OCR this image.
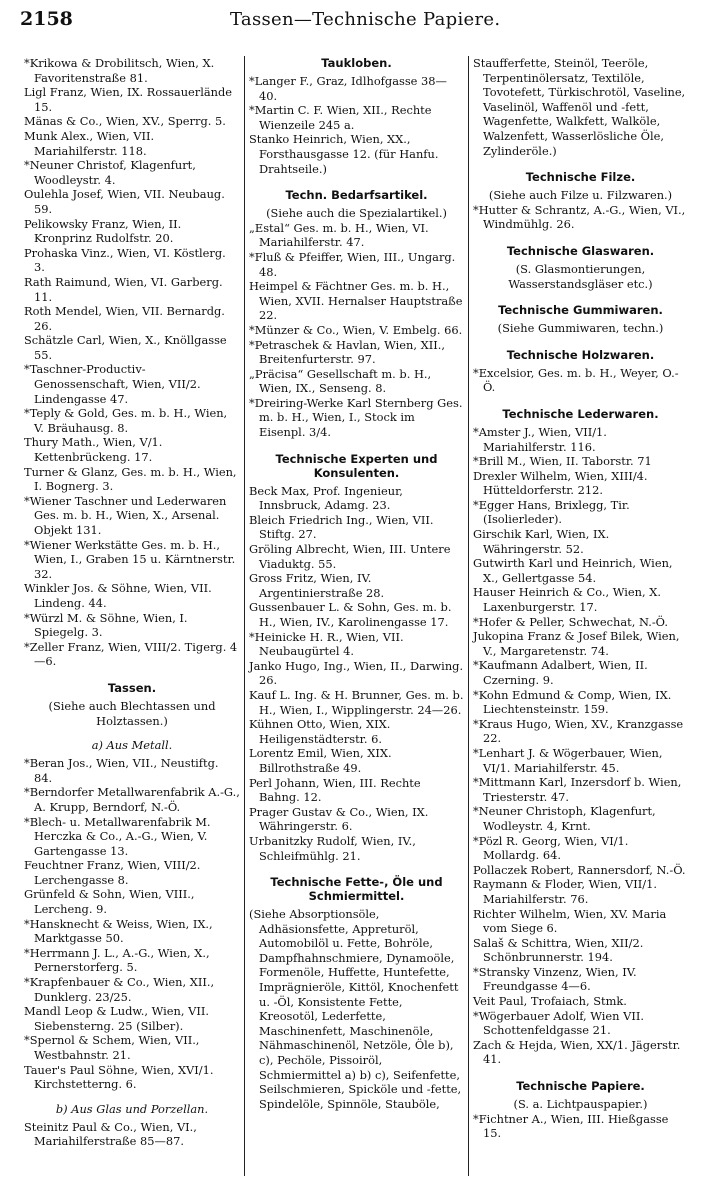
2158	Tassen—Technische Papiere.
*Krikowa & Drobilitsch, Wien, X. Favoritenstraße 81.
Ligl Franz, Wien, IX. Rossauerlände 15.
Mänas & Co., Wien, XV., Sperrg. 5.
Munk Alex., Wien, VII. Mariahilferstr. 118.
*Neuner Christof, Klagenfurt, Woodleystr. 4.
Oulehla Josef, Wien, VII. Neubaug. 59.
Pelikowsky Franz, Wien, II. Kronprinz Rudolfstr. 20.
Prohaska Vinz., Wien, VI. Köstlerg. 3.
Rath Raimund, Wien, VI. Garberg. 11.
Roth Mendel, Wien, VII. Bernardg. 26.
Schätzle Carl, Wien, X., Knöllgasse 55.
*Taschner-Productiv-Genossenschaft, Wien, VII/2. Lindengasse 47.
*Teply & Gold, Ges. m. b. H., Wien, V. Bräuhausg. 8.
Thury Math., Wien, V/1. Kettenbrückeng. 17.
Turner & Glanz, Ges. m. b. H., Wien, I. Bognerg. 3.
*Wiener Taschner und Lederwaren Ges. m. b. H., Wien, X., Arsenal. Objekt 131.
*Wiener Werkstätte Ges. m. b. H., Wien, I., Graben 15 u. Kärntnerstr. 32.
Winkler Jos. & Söhne, Wien, VII. Lindeng. 44.
*Würzl M. & Söhne, Wien, I. Spiegelg. 3.
*Zeller Franz, Wien, VIII/2. Tigerg. 4—6.
Tassen.
(Siehe auch Blechtassen und Holztassen.)
a) Aus Metall.
*Beran Jos., Wien, VII., Neustiftg. 84.
*Berndorfer Metallwarenfabrik A.-G., A. Krupp, Berndorf, N.-Ö.
*Blech- u. Metallwarenfabrik M. Herczka & Co., A.-G., Wien, V. Gartengasse 13.
Feuchtner Franz, Wien, VIII/2. Lerchengasse 8.
Grünfeld & Sohn, Wien, VIII., Lercheng. 9.
*Hansknecht & Weiss, Wien, IX., Marktgasse 50.
*Herrmann J. L., A.-G., Wien, X., Pernerstorferg. 5.
*Krapfenbauer & Co., Wien, XII., Dunklerg. 23/25.
Mandl Leop & Ludw., Wien, VII. Siebensterng. 25 (Silber).
*Spernol & Schem, Wien, VII., Westbahnstr. 21.
Tauer's Paul Söhne, Wien, XVI/1. Kirchstetterng. 6.
b) Aus Glas und Porzellan.
Steinitz Paul & Co., Wien, VI., Mariahilferstraße 85—87.
Taukloben.
*Langer F., Graz, Idlhofgasse 38—40.
*Martin C. F. Wien, XII., Rechte Wienzeile 245 a.
Stanko Heinrich, Wien, XX., Forsthausgasse 12. (für Hanfu. Drahtseile.)
Techn. Bedarfsartikel.
(Siehe auch die Spezialartikel.)
„Estal“ Ges. m. b. H., Wien, VI. Mariahilferstr. 47.
*Fluß & Pfeiffer, Wien, III., Ungarg. 48.
Heimpel & Fächtner Ges. m. b. H., Wien, XVII. Hernalser Hauptstraße 22.
*Münzer & Co., Wien, V. Embelg. 66.
*Petraschek & Havlan, Wien, XII., Breitenfurterstr. 97.
„Präcisa“ Gesellschaft m. b. H., Wien, IX., Senseng. 8.
*Dreiring-Werke Karl Sternberg Ges. m. b. H., Wien, I., Stock im Eisenpl. 3/4.
Technische Experten und Konsulenten.
Beck Max, Prof. Ingenieur, Innsbruck, Adamg. 23.
Bleich Friedrich Ing., Wien, VII. Stiftg. 27.
Gröling Albrecht, Wien, III. Untere Viaduktg. 55.
Gross Fritz, Wien, IV. Argentinierstraße 28.
Gussenbauer L. & Sohn, Ges. m. b. H., Wien, IV., Karolinengasse 17.
*Heinicke H. R., Wien, VII. Neubaugürtel 4.
Janko Hugo, Ing., Wien, II., Darwing. 26.
Kauf L. Ing. & H. Brunner, Ges. m. b. H., Wien, I., Wipplingerstr. 24—26.
Kühnen Otto, Wien, XIX. Heiligenstädterstr. 6.
Lorentz Emil, Wien, XIX. Billrothstraße 49.
Perl Johann, Wien, III. Rechte Bahng. 12.
Prager Gustav & Co., Wien, IX. Währingerstr. 6.
Urbanitzky Rudolf, Wien, IV., Schleifmühlg. 21.
Technische Fette-, Öle und Schmiermittel.
(Siehe Absorptionsöle, Adhäsionsfette, Appreturöl, Automobilöl u. Fette, Bohröle, Dampfhahnschmiere, Dynamoöle, Formenöle, Huffette, Huntefette, Imprägnieröle, Kittöl, Knochenfett u. -Öl, Konsistente Fette, Kreosotöl, Lederfette, Maschinenfett, Maschinenöle, Nähmaschinenöl, Netzöle, Öle b), c), Pechöle, Pissoiröl, Schmiermittel a) b) c), Seifenfette, Seilschmieren, Spicköle und -fette, Spindelöle, Spinnöle, Stauböle,
Staufferfette, Steinöl, Teeröle, Terpentinölersatz, Textilöle, Tovotefett, Türkischrotöl, Vaseline, Vaselinöl, Waffenöl und -fett, Wagenfette, Walkfett, Walköle, Walzenfett, Wasserlösliche Öle, Zylinderöle.)
Technische Filze.
(Siehe auch Filze u. Filzwaren.)
*Hutter & Schrantz, A.-G., Wien, VI., Windmühlg. 26.
Technische Glaswaren.
(S. Glasmontierungen, Wasserstandsgläser etc.)
Technische Gummiwaren.
(Siehe Gummiwaren, techn.)
Technische Holzwaren.
*Excelsior, Ges. m. b. H., Weyer, O.-Ö.
Technische Lederwaren.
*Amster J., Wien, VII/1. Mariahilferstr. 116.
*Brill M., Wien, II. Taborstr. 71
Drexler Wilhelm, Wien, XIII/4. Hütteldorferstr. 212.
*Egger Hans, Brixlegg, Tir. (Isolierleder).
Girschik Karl, Wien, IX. Währingerstr. 52.
Gutwirth Karl und Heinrich, Wien, X., Gellertgasse 54.
Hauser Heinrich & Co., Wien, X. Laxenburgerstr. 17.
*Hofer & Peller, Schwechat, N.-Ö.
Jukopina Franz & Josef Bilek, Wien, V., Margaretenstr. 74.
*Kaufmann Adalbert, Wien, II. Czerning. 9.
*Kohn Edmund & Comp, Wien, IX. Liechtensteinstr. 159.
*Kraus Hugo, Wien, XV., Kranzgasse 22.
*Lenhart J. & Wögerbauer, Wien, VI/1. Mariahilferstr. 45.
*Mittmann Karl, Inzersdorf b. Wien, Triesterstr. 47.
*Neuner Christoph, Klagenfurt, Wodleystr. 4, Krnt.
*Pözl R. Georg, Wien, VI/1. Mollardg. 64.
Pollaczek Robert, Rannersdorf, N.-Ö.
Raymann & Floder, Wien, VII/1. Mariahilferstr. 76.
Richter Wilhelm, Wien, XV. Maria vom Siege 6.
Salaš & Schittra, Wien, XII/2. Schönbrunnerstr. 194.
*Stransky Vinzenz, Wien, IV. Freundgasse 4—6.
Veit Paul, Trofaiach, Stmk.
*Wögerbauer Adolf, Wien VII. Schottenfeldgasse 21.
Zach & Hejda, Wien, XX/1. Jägerstr. 41.
Technische Papiere.
(S. a. Lichtpauspapier.)
*Fichtner A., Wien, III. Hießgasse 15.
